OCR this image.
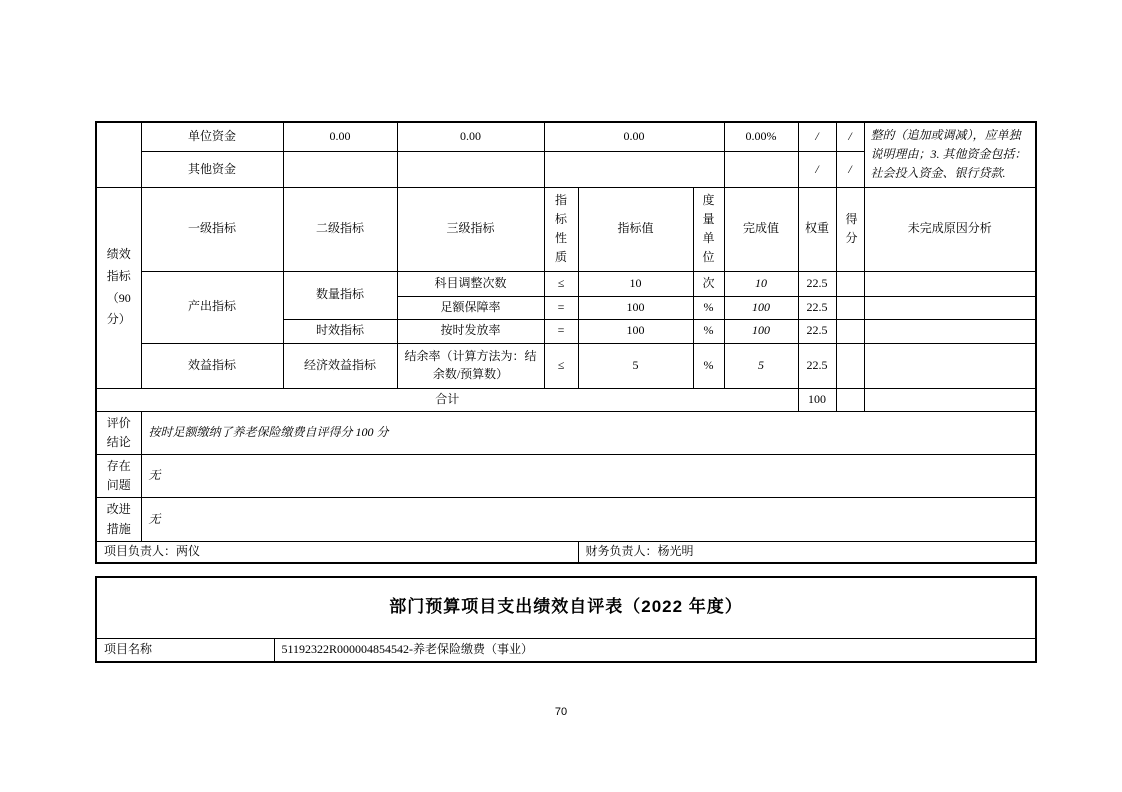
	单位资金	0.00	0.00	0.00			0.00%	/	/	整的（追加或调减），应单独说明理由；3. 其他资金包括：社会投入资金、银行贷款.
	其他资金							/	/	
绩效指标（90分）	一级指标	二级指标	三级指标	指标性质	指标值	度量单位	完成值	权重	得分	未完成原因分析
	产出指标	数量指标	科目调整次数	≤	10	次	10	22.5		
			足额保障率	=	100	%	100	22.5		
		时效指标	按时发放率	=	100	%	100	22.5		
	效益指标	经济效益指标	结余率（计算方法为：结余数/预算数）	≤	5	%	5	22.5		
合计								100		
评价结论	按时足额缴纳了养老保险缴费自评得分 100 分									
存在问题	无									
改进措施	无									
项目负责人：两仪					财务负责人：杨光明					
部门预算项目支出绩效自评表（2022 年度）
项目名称	51192322R000004854542-养老保险缴费（事业）
70
